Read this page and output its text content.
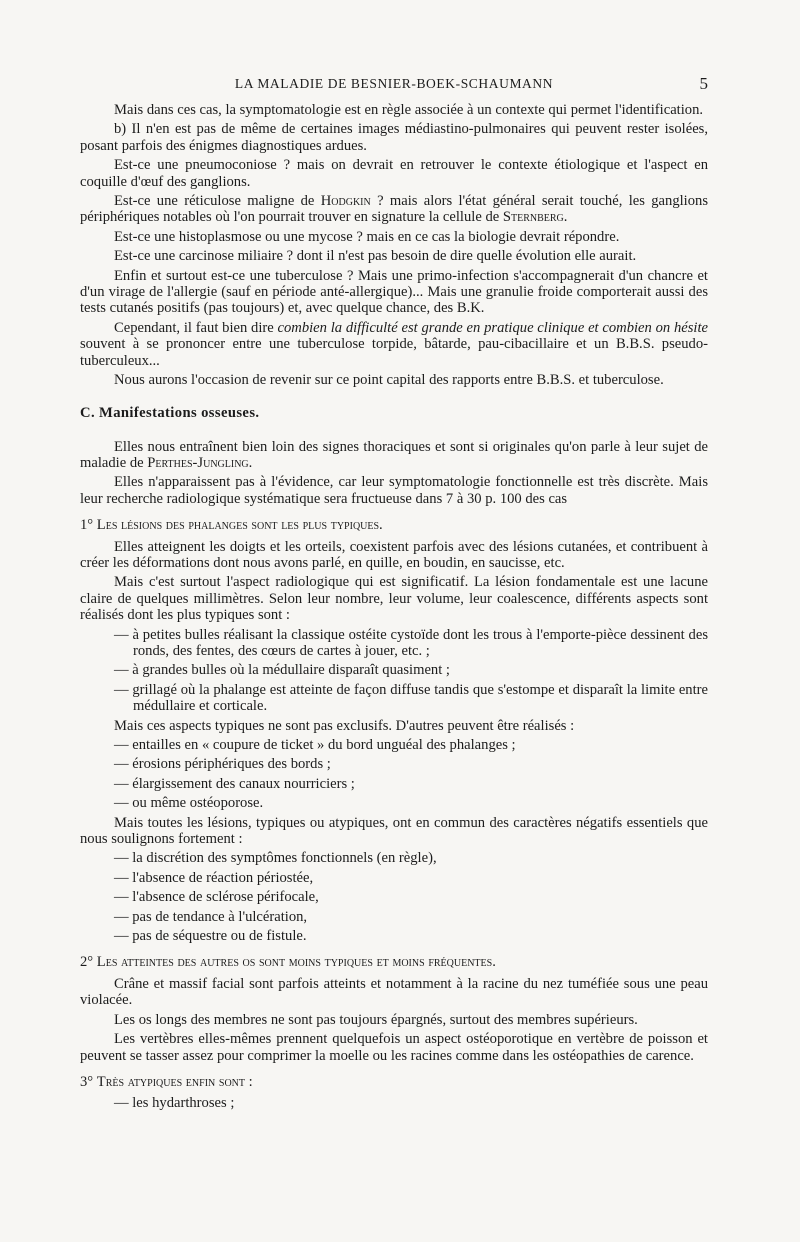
LA MALADIE DE BESNIER-BOEK-SCHAUMANN	5

Mais dans ces cas, la symptomatologie est en règle associée à un contexte qui permet l'identification.

b) Il n'en est pas de même de certaines images médiastino-pulmonaires qui peuvent rester isolées, posant parfois des énigmes diagnostiques ardues.

Est-ce une pneumoconiose ? mais on devrait en retrouver le contexte étiologique et l'aspect en coquille d'œuf des ganglions.

Est-ce une réticulose maligne de Hodgkin ? mais alors l'état général serait touché, les ganglions périphériques notables où l'on pourrait trouver en signature la cellule de Sternberg.

Est-ce une histoplasmose ou une mycose ? mais en ce cas la biologie devrait répondre.

Est-ce une carcinose miliaire ? dont il n'est pas besoin de dire quelle évolution elle aurait.

Enfin et surtout est-ce une tuberculose ? Mais une primo-infection s'accompagnerait d'un chancre et d'un virage de l'allergie (sauf en période anté-allergique)... Mais une granulie froide comporterait aussi des tests cutanés positifs (pas toujours) et, avec quelque chance, des B.K.

Cependant, il faut bien dire combien la difficulté est grande en pratique clinique et combien on hésite souvent à se prononcer entre une tuberculose torpide, bâtarde, pau-cibacillaire et un B.B.S. pseudo-tuberculeux...

Nous aurons l'occasion de revenir sur ce point capital des rapports entre B.B.S. et tuberculose.

C. Manifestations osseuses.

Elles nous entraînent bien loin des signes thoraciques et sont si originales qu'on parle à leur sujet de maladie de Perthes-Jungling.

Elles n'apparaissent pas à l'évidence, car leur symptomatologie fonctionnelle est très discrète. Mais leur recherche radiologique systématique sera fructueuse dans 7 à 30 p. 100 des cas

1° Les lésions des phalanges sont les plus typiques.

Elles atteignent les doigts et les orteils, coexistent parfois avec des lésions cutanées, et contribuent à créer les déformations dont nous avons parlé, en quille, en boudin, en saucisse, etc.

Mais c'est surtout l'aspect radiologique qui est significatif. La lésion fondamentale est une lacune claire de quelques millimètres. Selon leur nombre, leur volume, leur coalescence, différents aspects sont réalisés dont les plus typiques sont :

— à petites bulles réalisant la classique ostéite cystoïde dont les trous à l'emporte-pièce dessinent des ronds, des fentes, des cœurs de cartes à jouer, etc. ;

— à grandes bulles où la médullaire disparaît quasiment ;

— grillagé où la phalange est atteinte de façon diffuse tandis que s'estompe et disparaît la limite entre médullaire et corticale.

Mais ces aspects typiques ne sont pas exclusifs. D'autres peuvent être réalisés :

— entailles en « coupure de ticket » du bord unguéal des phalanges ;

— érosions périphériques des bords ;

— élargissement des canaux nourriciers ;

— ou même ostéoporose.

Mais toutes les lésions, typiques ou atypiques, ont en commun des caractères négatifs essentiels que nous soulignons fortement :

— la discrétion des symptômes fonctionnels (en règle),

— l'absence de réaction périostée,

— l'absence de sclérose périfocale,

— pas de tendance à l'ulcération,

— pas de séquestre ou de fistule.

2° Les atteintes des autres os sont moins typiques et moins fréquentes.

Crâne et massif facial sont parfois atteints et notamment à la racine du nez tuméfiée sous une peau violacée.

Les os longs des membres ne sont pas toujours épargnés, surtout des membres supérieurs.

Les vertèbres elles-mêmes prennent quelquefois un aspect ostéoporotique en vertèbre de poisson et peuvent se tasser assez pour comprimer la moelle ou les racines comme dans les ostéopathies de carence.

3° Très atypiques enfin sont :

— les hydarthroses ;
